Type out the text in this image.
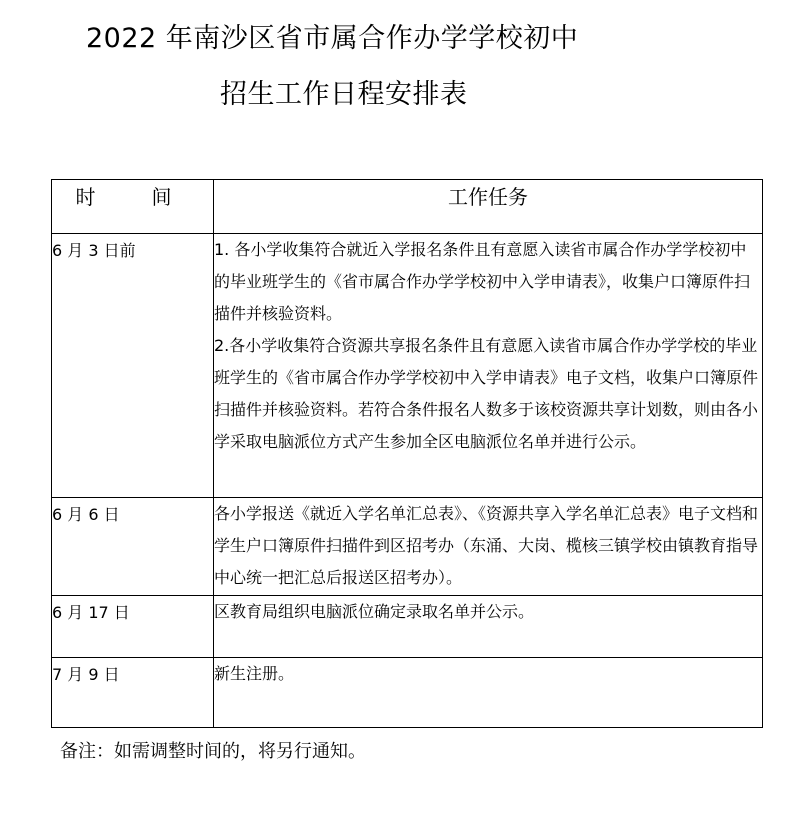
2022 年南沙区省市属合作办学学校初中
招生工作日程安排表
时　间	工作任务
6 月 3 日前	1. 各小学收集符合就近入学报名条件且有意愿入读省市属合作办学学校初中的毕业班学生的《省市属合作办学学校初中入学申请表》，收集户口簿原件扫描件并核验资料。

2.各小学收集符合资源共享报名条件且有意愿入读省市属合作办学学校的毕业班学生的《省市属合作办学学校初中入学申请表》电子文档，收集户口簿原件扫描件并核验资料。若符合条件报名人数多于该校资源共享计划数，则由各小学采取电脑派位方式产生参加全区电脑派位名单并进行公示。

6 月 6 日	各小学报送《就近入学名单汇总表》、《资源共享入学名单汇总表》电子文档和学生户口簿原件扫描件到区招考办（东涌、大岗、榄核三镇学校由镇教育指导中心统一把汇总后报送区招考办）。

6 月 17 日	区教育局组织电脑派位确定录取名单并公示。

7 月 9 日	新生注册。

备注：如需调整时间的，将另行通知。
